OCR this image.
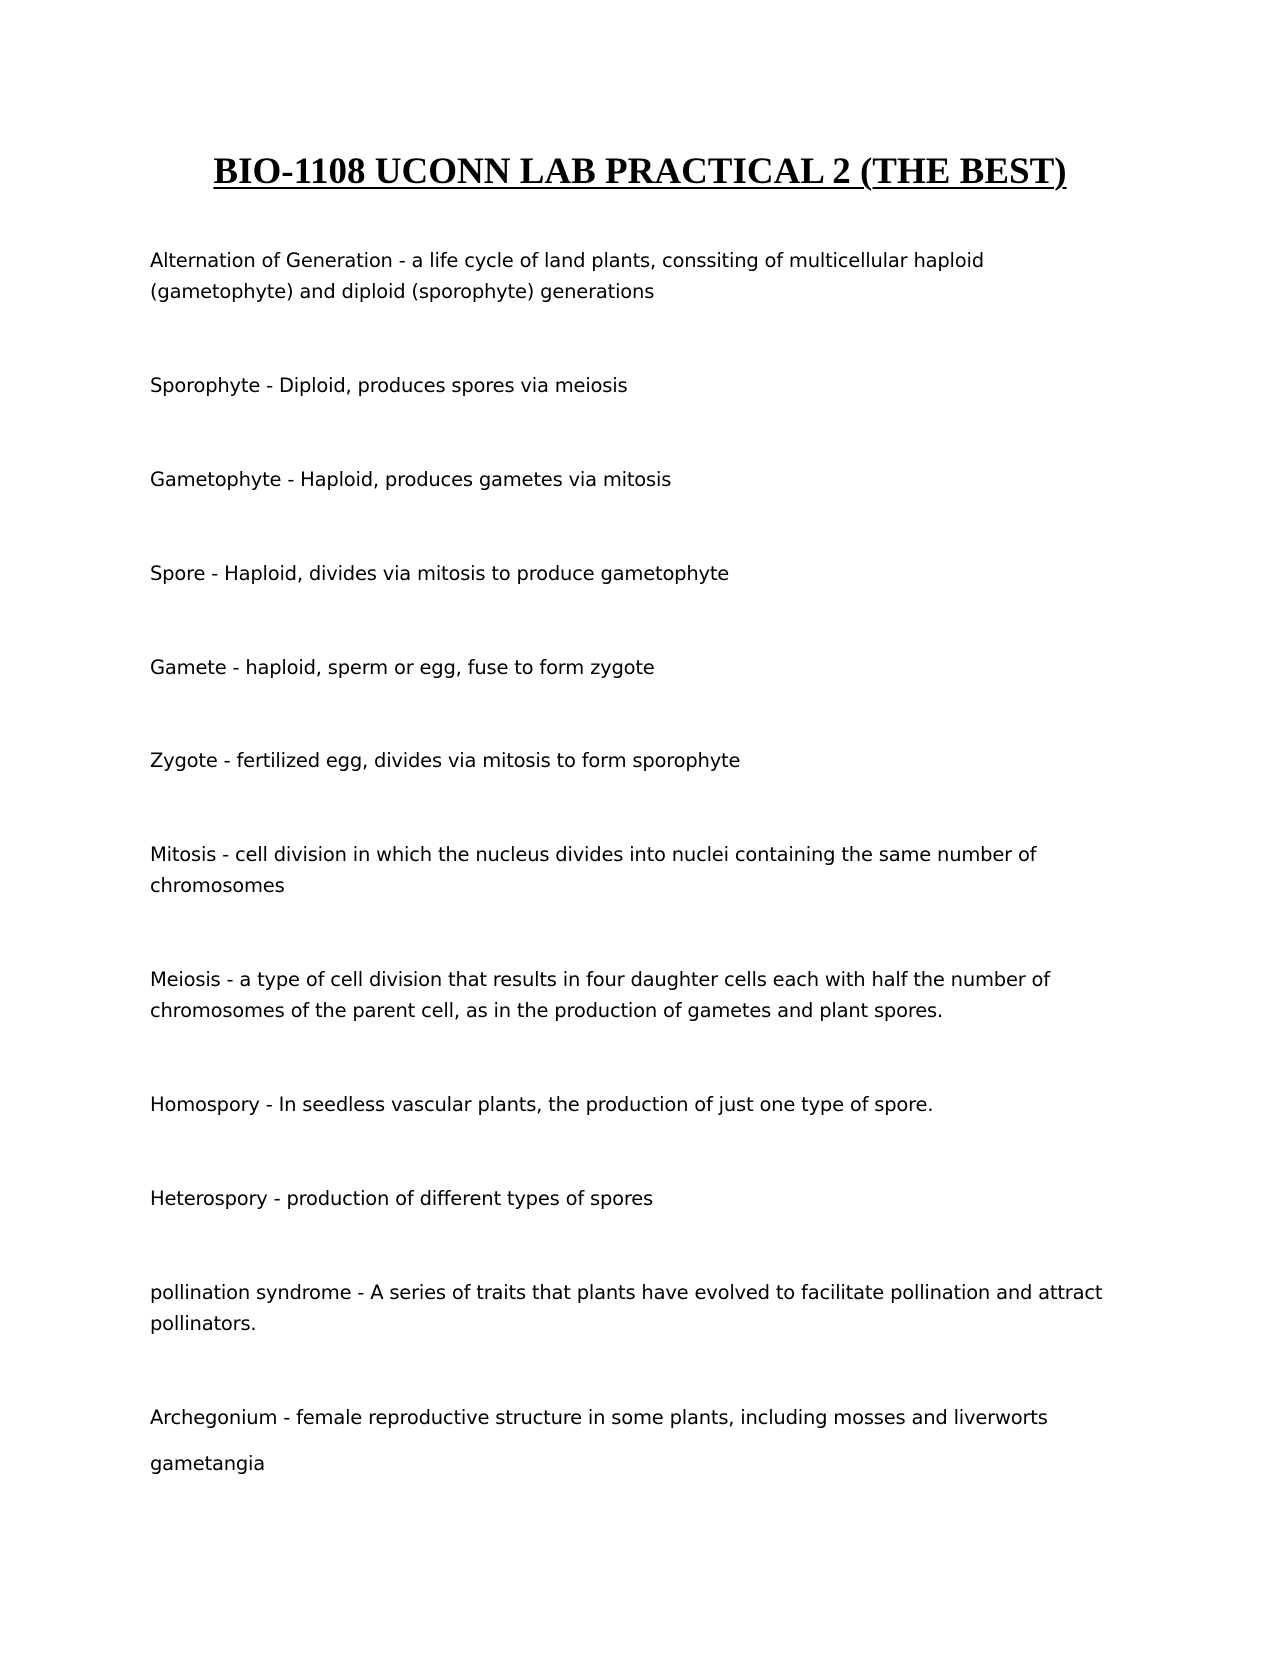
BIO-1108 UCONN LAB PRACTICAL 2 (THE BEST)

Alternation of Generation - a life cycle of land plants, conssiting of multicellular haploid (gametophyte) and diploid (sporophyte) generations

Sporophyte - Diploid, produces spores via meiosis

Gametophyte - Haploid, produces gametes via mitosis

Spore - Haploid, divides via mitosis to produce gametophyte

Gamete - haploid, sperm or egg, fuse to form zygote

Zygote - fertilized egg, divides via mitosis to form sporophyte

Mitosis - cell division in which the nucleus divides into nuclei containing the same number of chromosomes

Meiosis - a type of cell division that results in four daughter cells each with half the number of chromosomes of the parent cell, as in the production of gametes and plant spores.

Homospory - In seedless vascular plants, the production of just one type of spore.

Heterospory - production of different types of spores

pollination syndrome - A series of traits that plants have evolved to facilitate pollination and attract pollinators.

Archegonium - female reproductive structure in some plants, including mosses and liverworts

gametangia
